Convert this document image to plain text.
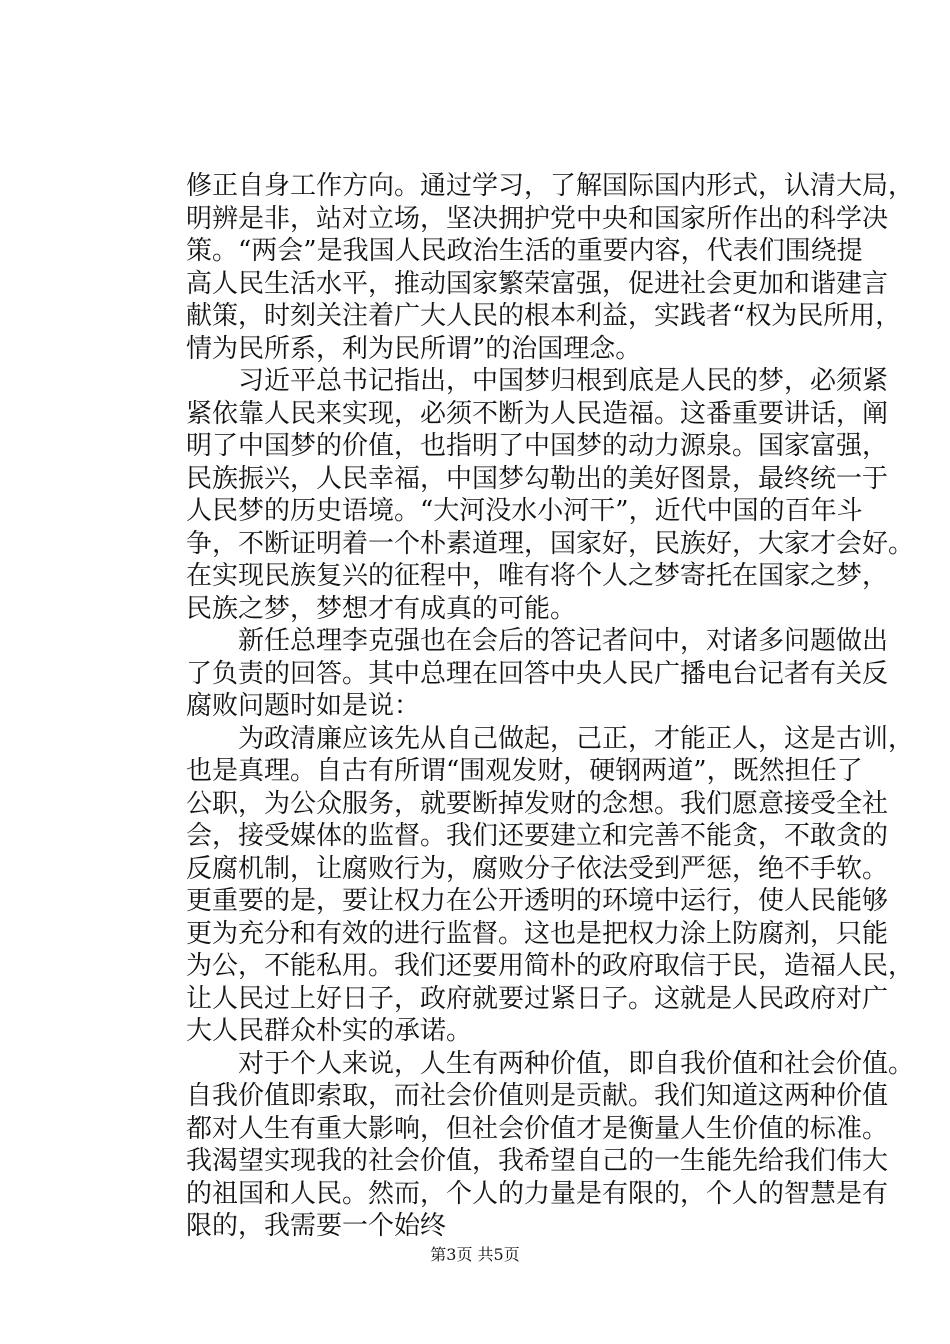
修正自身工作方向。通过学习，了解国际国内形式，认清大局，
明辨是非，站对立场，坚决拥护党中央和国家所作出的科学决
策。“两会”是我国人民政治生活的重要内容，代表们围绕提
高人民生活水平，推动国家繁荣富强，促进社会更加和谐建言
献策，时刻关注着广大人民的根本利益，实践者“权为民所用，
情为民所系，利为民所谓”的治国理念。
　　习近平总书记指出，中国梦归根到底是人民的梦，必须紧
紧依靠人民来实现，必须不断为人民造福。这番重要讲话，阐
明了中国梦的价值，也指明了中国梦的动力源泉。国家富强，
民族振兴，人民幸福，中国梦勾勒出的美好图景，最终统一于
人民梦的历史语境。“大河没水小河干”，近代中国的百年斗
争，不断证明着一个朴素道理，国家好，民族好，大家才会好。
在实现民族复兴的征程中，唯有将个人之梦寄托在国家之梦，
民族之梦，梦想才有成真的可能。
　　新任总理李克强也在会后的答记者问中，对诸多问题做出
了负责的回答。其中总理在回答中央人民广播电台记者有关反
腐败问题时如是说：
　　为政清廉应该先从自己做起，己正，才能正人，这是古训，
也是真理。自古有所谓“围观发财，硬钢两道”，既然担任了
公职，为公众服务，就要断掉发财的念想。我们愿意接受全社
会，接受媒体的监督。我们还要建立和完善不能贪，不敢贪的
反腐机制，让腐败行为，腐败分子依法受到严惩，绝不手软。
更重要的是，要让权力在公开透明的环境中运行，使人民能够
更为充分和有效的进行监督。这也是把权力涂上防腐剂，只能
为公，不能私用。我们还要用简朴的政府取信于民，造福人民，
让人民过上好日子，政府就要过紧日子。这就是人民政府对广
大人民群众朴实的承诺。
　　对于个人来说，人生有两种价值，即自我价值和社会价值。
自我价值即索取，而社会价值则是贡献。我们知道这两种价值
都对人生有重大影响，但社会价值才是衡量人生价值的标准。
我渴望实现我的社会价值，我希望自己的一生能先给我们伟大
的祖国和人民。然而，个人的力量是有限的，个人的智慧是有
限的，我需要一个始终
第3页 共5页
